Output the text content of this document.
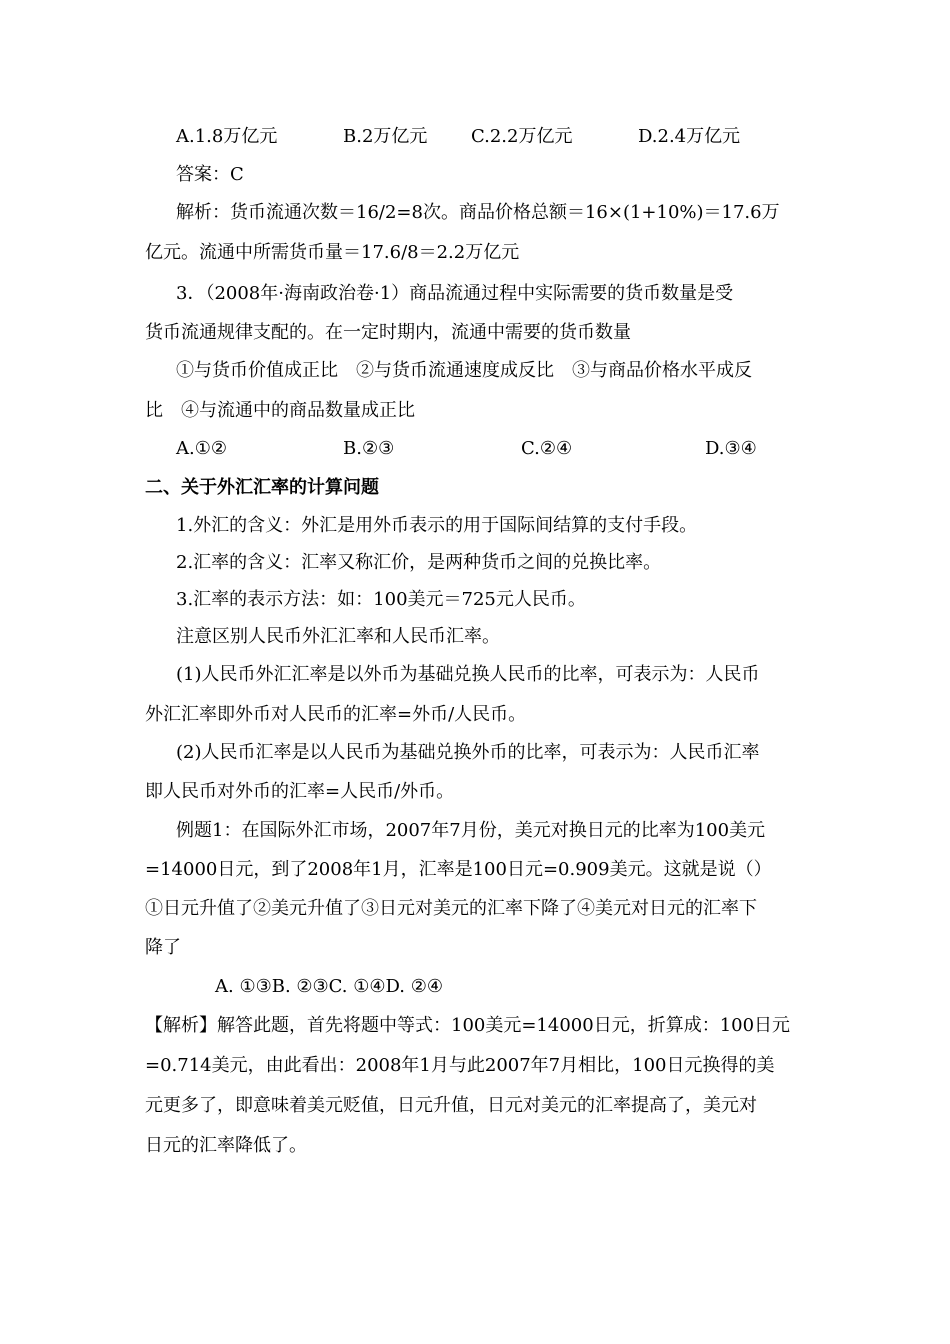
A.1.8万亿元	B.2万亿元 C.2.2万亿元	D.2.4万亿元
答案：C
解析：货币流通次数＝16/2=8次。商品价格总额＝16×(1+10%)＝17.6万
亿元。流通中所需货币量＝17.6/8＝2.2万亿元
3．（2008年·海南政治卷·1）商品流通过程中实际需要的货币数量是受
货币流通规律支配的。在一定时期内，流通中需要的货币数量
①与货币价值成正比　②与货币流通速度成反比　③与商品价格水平成反
比　④与流通中的商品数量成正比
A.①②	B.②③	C.②④	D.③④
二、关于外汇汇率的计算问题
1.外汇的含义：外汇是用外币表示的用于国际间结算的支付手段。
2.汇率的含义：汇率又称汇价，是两种货币之间的兑换比率。
3.汇率的表示方法：如：100美元＝725元人民币。
注意区别人民币外汇汇率和人民币汇率。
(1)人民币外汇汇率是以外币为基础兑换人民币的比率，可表示为：人民币
外汇汇率即外币对人民币的汇率=外币/人民币。
(2)人民币汇率是以人民币为基础兑换外币的比率，可表示为：人民币汇率
即人民币对外币的汇率=人民币/外币。
例题1：在国际外汇市场，2007年7月份，美元对换日元的比率为100美元
=14000日元，到了2008年1月，汇率是100日元=0.909美元。这就是说（）
①日元升值了②美元升值了③日元对美元的汇率下降了④美元对日元的汇率下
降了
A. ①③B. ②③C. ①④D. ②④
【解析】解答此题，首先将题中等式：100美元=14000日元，折算成：100日元
=0.714美元，由此看出：2008年1月与此2007年7月相比，100日元换得的美
元更多了，即意味着美元贬值，日元升值，日元对美元的汇率提高了，美元对
日元的汇率降低了。
